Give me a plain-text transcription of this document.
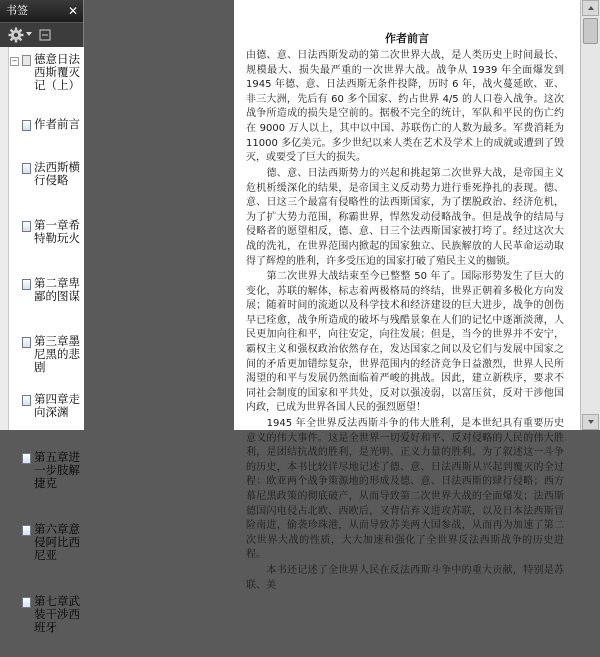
书签	✕
− 德意日法西斯覆灭记（上）
作者前言
法西斯横行侵略
第一章希特勒玩火
第二章卑鄙的图谋
第三章墨尼黑的悲剧
第四章走向深渊
第五章进一步肢解捷克
第六章意侵阿比西尼亚
第七章武装干涉西班牙
作者前言

由德、意、日法西斯发动的第二次世界大战，是人类历史上时间最长、规模最大、损失最严重的一次世界大战。战争从 1939 年全面爆发到 1945 年德、意、日法西斯无条件投降，历时 6 年，战火蔓延欧、亚、非三大洲，先后有 60 多个国家、约占世界 4/5 的人口卷入战争。这次战争所造成的损失是空前的。据极不完全的统计，军队和平民的伤亡约在 9000 万人以上，其中以中国、苏联伤亡的人数为最多。军费消耗为 11000 多亿美元。多少世纪以来人类在艺术及学术上的成就或遭到了毁灭，或要受了巨大的损失。

　　德、意、日法西斯势力的兴起和挑起第二次世界大战，是帝国主义危机析缓深化的结果，是帝国主义反动势力进行垂死挣扎的表现。德、意、日这三个最富有侵略性的法西斯国家，为了摆脱政治、经济危机，为了扩大势力范围，称霸世界，悍然发动侵略战争。但是战争的结局与侵略者的愿望相反，德、意、日三个法西斯国家被打垮了。经过这次大战的洗礼，在世界范围内掀起的国家独立、民族解放的人民革命运动取得了辉煌的胜利，许多受压迫的国家打破了殖民主义的枷锁。

　　第二次世界大战结束至今已整整 50 年了。国际形势发生了巨大的变化，苏联的解体，标志着两极格局的终结，世界正朝着多极化方向发展；随着时间的流逝以及科学技术和经济建设的巨大进步，战争的创伤早已痊愈，战争所造成的破坏与残酷景象在人们的记忆中逐渐淡薄，人民更加向往和平，向往安定，向往发展；但是，当今的世界并不安宁，霸权主义和强权政治依然存在，发达国家之间以及它们与发展中国家之间的矛盾更加错综复杂，世界范围内的经济竞争日益激烈，世界人民所渴望的和平与发展仍然面临着严峻的挑战。因此，建立新秩序，要求不同社会制度的国家和平共处，反对以强凌弱，以富压贫，反对干涉他国内政，已成为世界各国人民的强烈愿望！

　　1945 年全世界反法西斯斗争的伟大胜利，是本世纪具有重要历史意义的伟大事件。这是全世界一切爱好和平、反对侵略的人民的伟大胜利，是团结抗战的胜利，是光明、正义力量的胜利。为了叙述这一斗争的历史，本书比较详尽地记述了德、意、日法西斯从兴起到覆灭的全过程：欧亚两个战争策源地的形成及德、意、日法西斯的肆行侵略；西方慕尼黑政策的彻底破产，从而导致第二次世界大战的全面爆发；法西斯德国闪电侵占北欧、西欧后，又背信弃义进攻苏联，以及日本法西斯冒险南进，偷袭珍珠港，从而导致苏美两大国参战，从而再为加速了第二次世界大战的性质，大大加速和强化了全世界反法西斯战争的历史进程。

　　本书还记述了全世界人民在反法西斯斗争中的重大贡献，特别是苏联、美
